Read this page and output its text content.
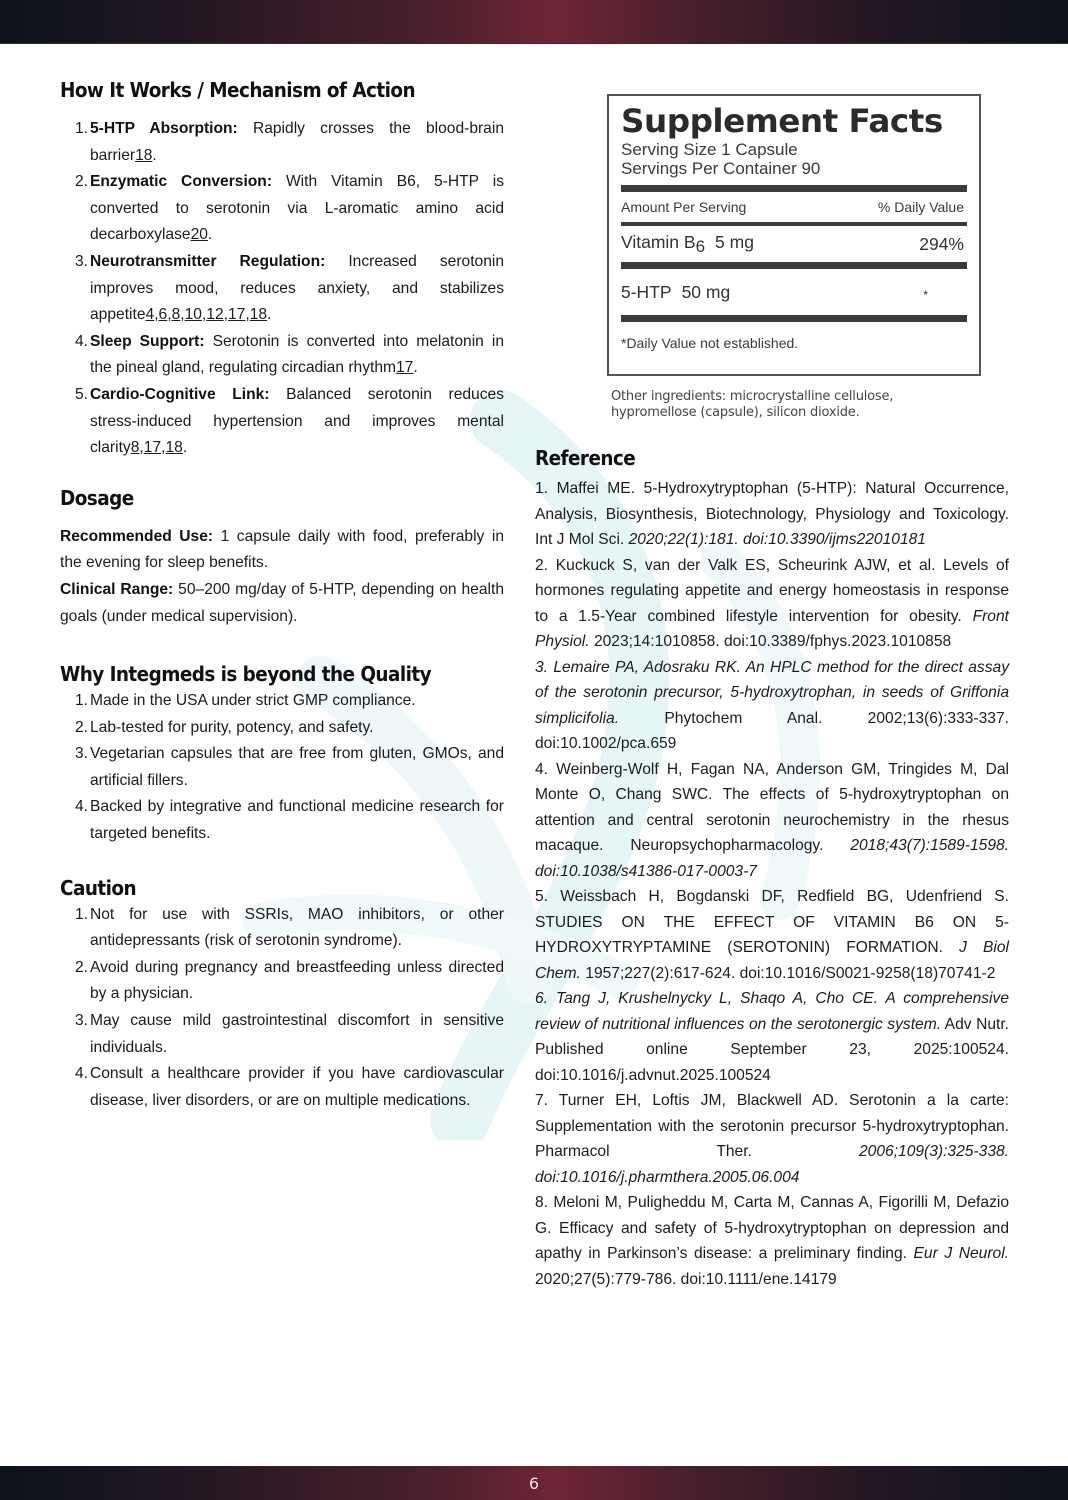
How It Works / Mechanism of Action
1. 5-HTP Absorption: Rapidly crosses the blood-brain barrier18.
2. Enzymatic Conversion: With Vitamin B6, 5-HTP is converted to serotonin via L-aromatic amino acid decarboxylase20.
3. Neurotransmitter Regulation: Increased serotonin improves mood, reduces anxiety, and stabilizes appetite4,6,8,10,12,17,18.
4. Sleep Support: Serotonin is converted into melatonin in the pineal gland, regulating circadian rhythm17.
5. Cardio-Cognitive Link: Balanced serotonin reduces stress-induced hypertension and improves mental clarity8,17,18.
Dosage

Recommended Use: 1 capsule daily with food, preferably in the evening for sleep benefits.

Clinical Range: 50–200 mg/day of 5-HTP, depending on health goals (under medical supervision).

Why Integmeds is beyond the Quality
1. Made in the USA under strict GMP compliance.
2. Lab-tested for purity, potency, and safety.
3. Vegetarian capsules that are free from gluten, GMOs, and artificial fillers.
4. Backed by integrative and functional medicine research for targeted benefits.
Caution
1. Not for use with SSRIs, MAO inhibitors, or other antidepressants (risk of serotonin syndrome).
2. Avoid during pregnancy and breastfeeding unless directed by a physician.
3. May cause mild gastrointestinal discomfort in sensitive individuals.
4. Consult a healthcare provider if you have cardiovascular disease, liver disorders, or are on multiple medications.
Supplement Facts
Serving Size 1 Capsule
Servings Per Container 90
Amount Per Serving	% Daily Value
Vitamin $B_6$ 5 mg	294%
5-HTP 50 mg	*
*Daily Value not established.
Other ingredients: microcrystalline cellulose,
hypromellose (capsule), silicon dioxide.
Reference

1. Maffei ME. 5-Hydroxytryptophan (5-HTP): Natural Occurrence, Analysis, Biosynthesis, Biotechnology, Physiology and Toxicology. Int J Mol Sci. 2020;22(1):181. doi:10.3390/ijms22010181

2. Kuckuck S, van der Valk ES, Scheurink AJW, et al. Levels of hormones regulating appetite and energy homeostasis in response to a 1.5-Year combined lifestyle intervention for obesity. Front Physiol. 2023;14:1010858. doi:10.3389/fphys.2023.1010858

3. Lemaire PA, Adosraku RK. An HPLC method for the direct assay of the serotonin precursor, 5-hydroxytrophan, in seeds of Griffonia simplicifolia. Phytochem Anal. 2002;13(6):333-337. doi:10.1002/pca.659

4. Weinberg-Wolf H, Fagan NA, Anderson GM, Tringides M, Dal Monte O, Chang SWC. The effects of 5-hydroxytryptophan on attention and central serotonin neurochemistry in the rhesus macaque. Neuropsychopharmacology. 2018;43(7):1589-1598. doi:10.1038/s41386-017-0003-7

5. Weissbach H, Bogdanski DF, Redfield BG, Udenfriend S. STUDIES ON THE EFFECT OF VITAMIN B6 ON 5-HYDROXYTRYPTAMINE (SEROTONIN) FORMATION. J Biol Chem. 1957;227(2):617-624. doi:10.1016/S0021-9258(18)70741-2

6. Tang J, Krushelnycky L, Shaqo A, Cho CE. A comprehensive review of nutritional influences on the serotonergic system. Adv Nutr. Published online September 23, 2025:100524. doi:10.1016/j.advnut.2025.100524

7. Turner EH, Loftis JM, Blackwell AD. Serotonin a la carte: Supplementation with the serotonin precursor 5-hydroxytryptophan. Pharmacol Ther. 2006;109(3):325-338. doi:10.1016/j.pharmthera.2005.06.004

8. Meloni M, Puligheddu M, Carta M, Cannas A, Figorilli M, Defazio G. Efficacy and safety of 5-hydroxytryptophan on depression and apathy in Parkinson’s disease: a preliminary finding. Eur J Neurol. 2020;27(5):779-786. doi:10.1111/ene.14179

6
